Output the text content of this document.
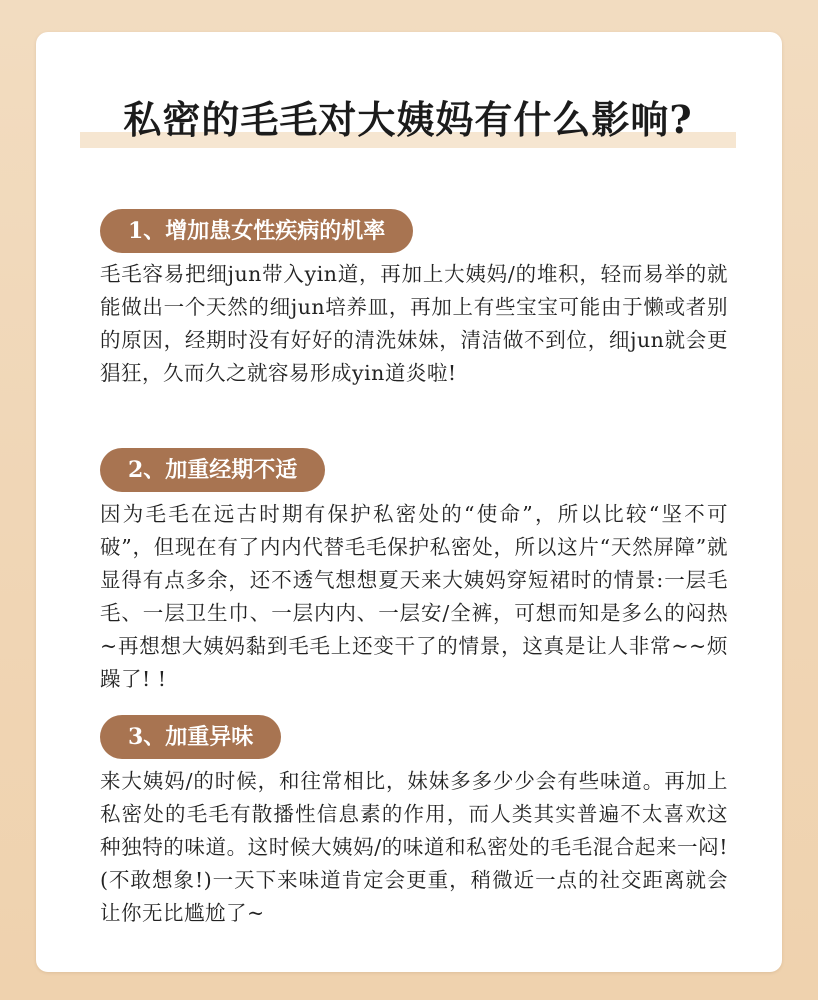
私密的毛毛对大姨妈有什么影响?
1、增加患女性疾病的机率
毛毛容易把细jun带入yin道，再加上大姨妈/的堆积，轻而易举的就能做出一个天然的细jun培养皿，再加上有些宝宝可能由于懒或者别的原因，经期时没有好好的清洗妹妹，清洁做不到位，细jun就会更猖狂，久而久之就容易形成yin道炎啦!
2、加重经期不适
因为毛毛在远古时期有保护私密处的“使命”，所以比较“坚不可破”，但现在有了内内代替毛毛保护私密处，所以这片“天然屏障”就显得有点多余，还不透气想想夏天来大姨妈穿短裙时的情景:一层毛毛、一层卫生巾、一层内内、一层安/全裤，可想而知是多么的闷热~再想想大姨妈黏到毛毛上还变干了的情景，这真是让人非常~~烦躁了! !
3、加重异味
来大姨妈/的时候，和往常相比，妹妹多多少少会有些味道。再加上私密处的毛毛有散播性信息素的作用，而人类其实普遍不太喜欢这种独特的味道。这时候大姨妈/的味道和私密处的毛毛混合起来一闷! (不敢想象!)一天下来味道肯定会更重，稍微近一点的社交距离就会让你无比尴尬了~
